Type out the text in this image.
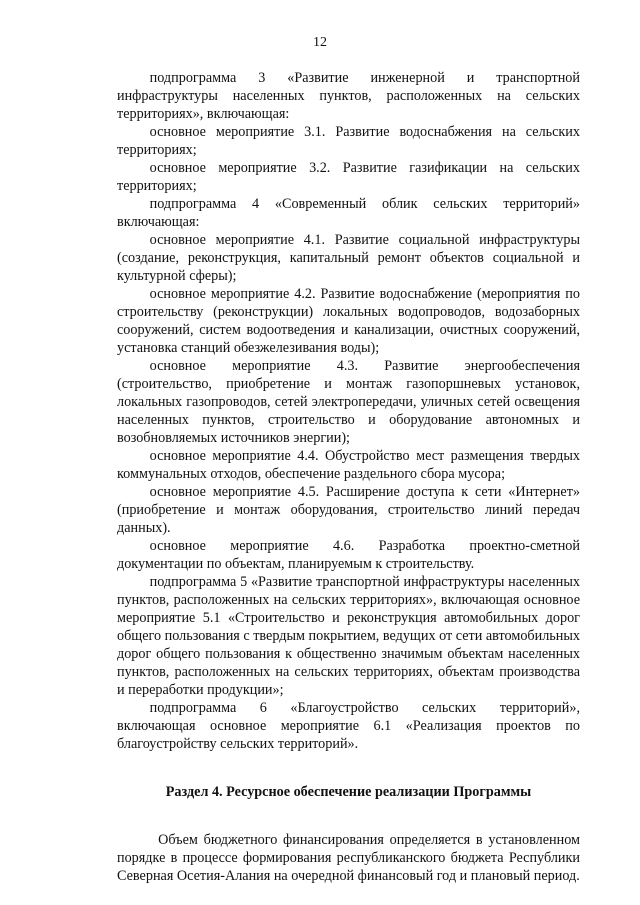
12

подпрограмма 3 «Развитие инженерной и транспортной инфраструктуры населенных пунктов, расположенных на сельских территориях», включающая:

основное мероприятие 3.1. Развитие водоснабжения на сельских территориях;

основное мероприятие 3.2. Развитие газификации на сельских территориях;

подпрограмма 4 «Современный облик сельских территорий» включающая:

основное мероприятие 4.1. Развитие социальной инфраструктуры (создание, реконструкция, капитальный ремонт объектов социальной и культурной сферы);

основное мероприятие 4.2. Развитие водоснабжение (мероприятия по строительству (реконструкции) локальных водопроводов, водозаборных сооружений, систем водоотведения и канализации, очистных сооружений, установка станций обезжелезивания воды);

основное мероприятие 4.3. Развитие энергообеспечения (строительство, приобретение и монтаж газопоршневых установок, локальных газопроводов, сетей электропередачи, уличных сетей освещения населенных пунктов, строительство и оборудование автономных и возобновляемых источников энергии);

основное мероприятие 4.4. Обустройство мест размещения твердых коммунальных отходов, обеспечение раздельного сбора мусора;

основное мероприятие 4.5. Расширение доступа к сети «Интернет» (приобретение и монтаж оборудования, строительство линий передач данных).

основное мероприятие 4.6. Разработка проектно-сметной документации по объектам, планируемым к строительству.

подпрограмма 5 «Развитие транспортной инфраструктуры населенных пунктов, расположенных на сельских территориях», включающая основное мероприятие 5.1 «Строительство и реконструкция автомобильных дорог общего пользования с твердым покрытием, ведущих от сети автомобильных дорог общего пользования к общественно значимым объектам населенных пунктов, расположенных на сельских территориях, объектам производства и переработки продукции»;

подпрограмма 6 «Благоустройство сельских территорий», включающая основное мероприятие 6.1 «Реализация проектов по благоустройству сельских территорий».

Раздел 4. Ресурсное обеспечение реализации Программы

Объем бюджетного финансирования определяется в установленном порядке в процессе формирования республиканского бюджета Республики Северная Осетия-Алания на очередной финансовый год и плановый период.
